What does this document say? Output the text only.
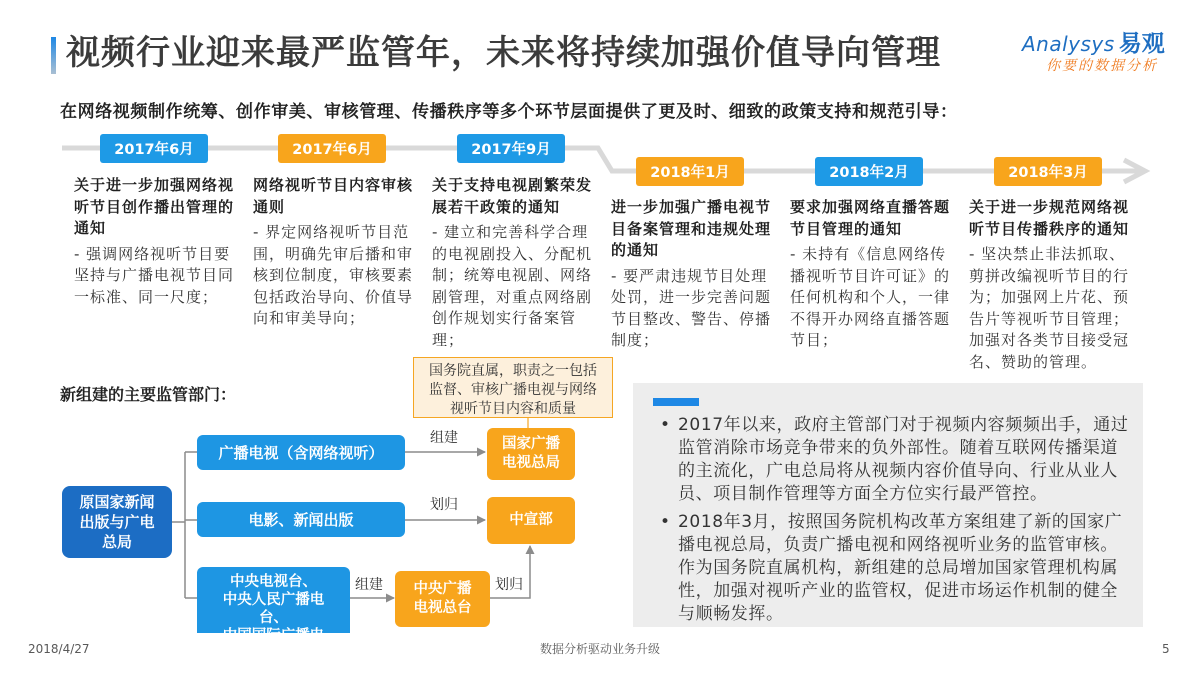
视频行业迎来最严监管年，未来将持续加强价值导向管理	Analysys 易观
你要的数据分析
在网络视频制作统筹、创作审美、审核管理、传播秩序等多个环节层面提供了更及时、细致的政策支持和规范引导：
2017年6月	2017年6月	2017年9月
2018年1月	2018年2月	2018年3月
关于进一步加强网络视听节目创作播出管理的通知
- 强调网络视听节目要坚持与广播电视节目同一标准、同一尺度；
网络视听节目内容审核通则
- 界定网络视听节目范围，明确先审后播和审核到位制度，审核要素包括政治导向、价值导向和审美导向；
关于支持电视剧繁荣发展若干政策的通知
- 建立和完善科学合理的电视剧投入、分配机制；统筹电视剧、网络剧管理，对重点网络剧创作规划实行备案管理；
进一步加强广播电视节目备案管理和违规处理的通知
- 要严肃违规节目处理处罚，进一步完善问题节目整改、警告、停播制度；
要求加强网络直播答题节目管理的通知
- 未持有《信息网络传播视听节目许可证》的任何机构和个人，一律不得开办网络直播答题节目；
关于进一步规范网络视听节目传播秩序的通知
- 坚决禁止非法抓取、剪拼改编视听节目的行为；加强网上片花、预告片等视听节目管理；加强对各类节目接受冠名、赞助的管理。
新组建的主要监管部门：
原国家新闻出版与广电总局
广播电视（含网络视听）
电影、新闻出版
中央电视台、
中央人民广播电台、
中国国际广播电台
组建
划归
组建	划归
国家广播电视总局
中宣部
中央广播电视总台
国务院直属，职责之一包括监督、审核广播电视与网络视听节目内容和质量
• 2017年以来，政府主管部门对于视频内容频频出手，通过
监管消除市场竞争带来的负外部性。随着互联网传播渠道
的主流化，广电总局将从视频内容价值导向、行业从业人
员、项目制作管理等方面全方位实行最严管控。
• 2018年3月，按照国务院机构改革方案组建了新的国家广
播电视总局，负责广播电视和网络视听业务的监管审核。
作为国务院直属机构，新组建的总局增加国家管理机构属
性，加强对视听产业的监管权，促进市场运作机制的健全
与顺畅发挥。
2018/4/27	数据分析驱动业务升级	5
